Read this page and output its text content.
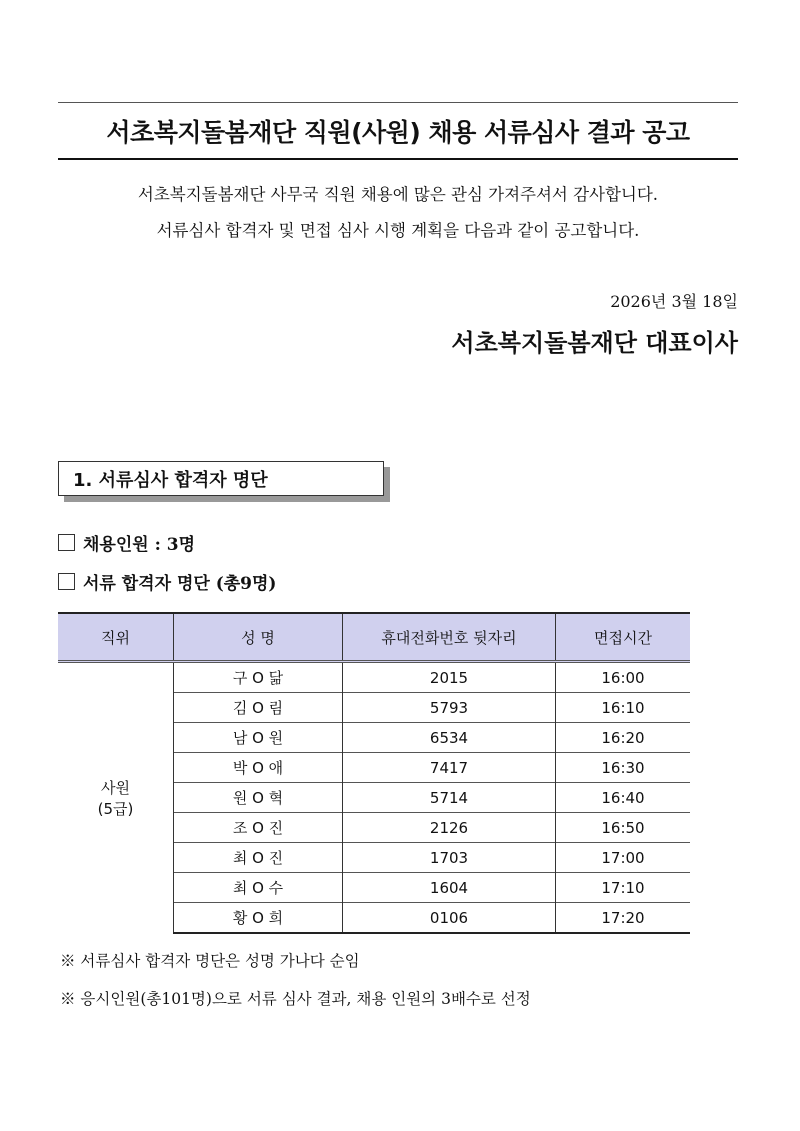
서초복지돌봄재단 직원(사원) 채용 서류심사 결과 공고
서초복지돌봄재단 사무국 직원 채용에 많은 관심 가져주셔서 감사합니다.
서류심사 합격자 및 면접 심사 시행 계획을 다음과 같이 공고합니다.
2026년 3월 18일
서초복지돌봄재단 대표이사
1. 서류심사 합격자 명단
채용인원 : 3명
서류 합격자 명단 (총9명)
직위	성 명	휴대전화번호 뒷자리	면접시간

사원
(5급)	구 O 닮	2015	16:00
	김 O 림	5793	16:10
	남 O 원	6534	16:20
	박 O 애	7417	16:30
	원 O 혁	5714	16:40
	조 O 진	2126	16:50
	최 O 진	1703	17:00
	최 O 수	1604	17:10
	황 O 희	0106	17:20
※ 서류심사 합격자 명단은 성명 가나다 순임
※ 응시인원(총101명)으로 서류 심사 결과, 채용 인원의 3배수로 선정
